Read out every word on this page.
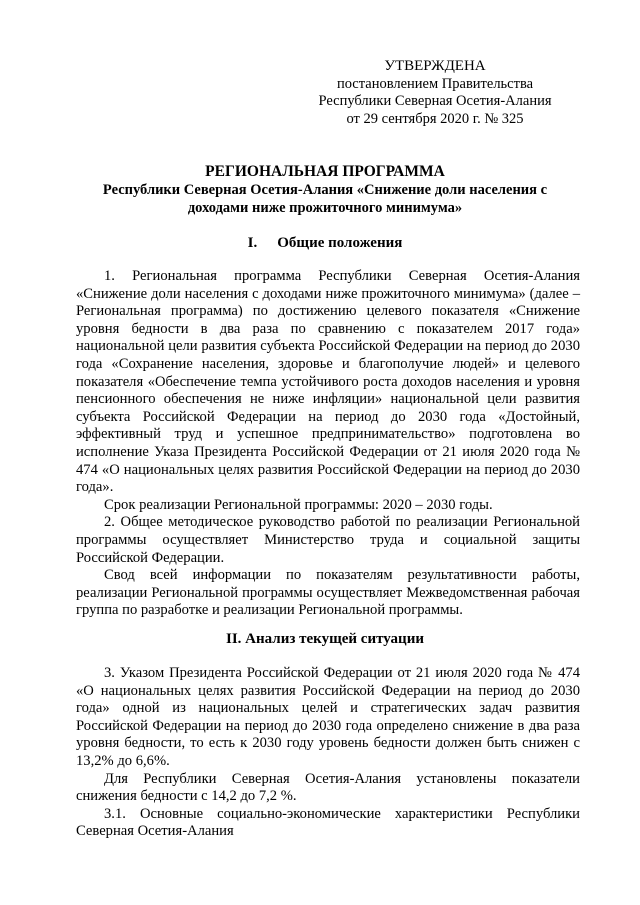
УТВЕРЖДЕНА
постановлением Правительства
Республики Северная Осетия-Алания
от 29 сентября 2020 г. № 325
РЕГИОНАЛЬНАЯ ПРОГРАММА
Республики Северная Осетия-Алания «Снижение доли населения с
доходами ниже прожиточного минимума»
I. Общие положения

1. Региональная программа Республики Северная Осетия-Алания «Снижение доли населения с доходами ниже прожиточного минимума» (далее – Региональная программа) по достижению целевого показателя «Снижение уровня бедности в два раза по сравнению с показателем 2017 года» национальной цели развития субъекта Российской Федерации на период до 2030 года «Сохранение населения, здоровье и благополучие людей» и целевого показателя «Обеспечение темпа устойчивого роста доходов населения и уровня пенсионного обеспечения не ниже инфляции» национальной цели развития субъекта Российской Федерации на период до 2030 года «Достойный, эффективный труд и успешное предпринимательство» подготовлена во исполнение Указа Президента Российской Федерации от 21 июля 2020 года № 474 «О национальных целях развития Российской Федерации на период до 2030 года».

Срок реализации Региональной программы: 2020 – 2030 годы.

2. Общее методическое руководство работой по реализации Региональной программы осуществляет Министерство труда и социальной защиты Российской Федерации.

Свод всей информации по показателям результативности работы, реализации Региональной программы осуществляет Межведомственная рабочая группа по разработке и реализации Региональной программы.

II. Анализ текущей ситуации

3. Указом Президента Российской Федерации от 21 июля 2020 года № 474 «О национальных целях развития Российской Федерации на период до 2030 года» одной из национальных целей и стратегических задач развития Российской Федерации на период до 2030 года определено снижение в два раза уровня бедности, то есть к 2030 году уровень бедности должен быть снижен с 13,2% до 6,6%.

Для Республики Северная Осетия-Алания установлены показатели снижения бедности с 14,2 до 7,2 %.

3.1. Основные социально-экономические характеристики Республики Северная Осетия-Алания
